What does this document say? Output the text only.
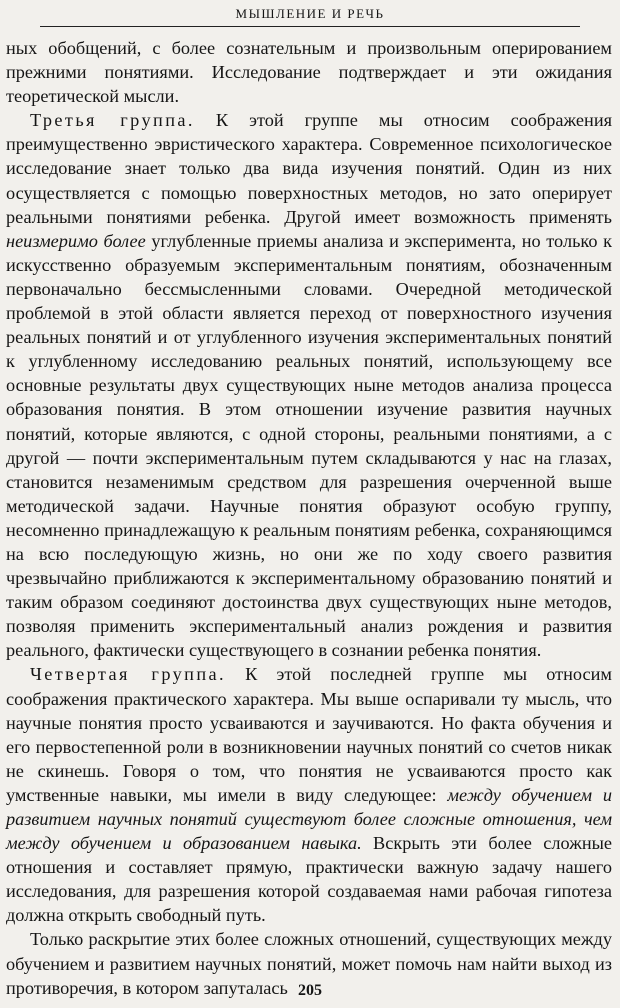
МЫШЛЕНИЕ И РЕЧЬ

ных обобщений, с более сознательным и произвольным оперированием прежними понятиями. Исследование подтверждает и эти ожидания теоретической мысли.

Третья группа. К этой группе мы относим соображения преимущественно эвристического характера. Современное психологическое исследование знает только два вида изучения понятий. Один из них осуществляется с помощью поверхностных методов, но зато оперирует реальными понятиями ребенка. Другой имеет возможность применять неизмеримо более углубленные приемы анализа и эксперимента, но только к искусственно образуемым экспериментальным понятиям, обозначенным первоначально бессмысленными словами. Очередной методической проблемой в этой области является переход от поверхностного изучения реальных понятий и от углубленного изучения экспериментальных понятий к углубленному исследованию реальных понятий, использующему все основные результаты двух существующих ныне методов анализа процесса образования понятия. В этом отношении изучение развития научных понятий, которые являются, с одной стороны, реальными понятиями, а с другой — почти экспериментальным путем складываются у нас на глазах, становится незаменимым средством для разрешения очерченной выше методической задачи. Научные понятия образуют особую группу, несомненно принадлежащую к реальным понятиям ребенка, сохраняющимся на всю последующую жизнь, но они же по ходу своего развития чрезвычайно приближаются к экспериментальному образованию понятий и таким образом соединяют достоинства двух существующих ныне методов, позволяя применить экспериментальный анализ рождения и развития реального, фактически существующего в сознании ребенка понятия.

Четвертая группа. К этой последней группе мы относим соображения практического характера. Мы выше оспаривали ту мысль, что научные понятия просто усваиваются и заучиваются. Но факта обучения и его первостепенной роли в возникновении научных понятий со счетов никак не скинешь. Говоря о том, что понятия не усваиваются просто как умственные навыки, мы имели в виду следующее: между обучением и развитием научных понятий существуют более сложные отношения, чем между обучением и образованием навыка. Вскрыть эти более сложные отношения и составляет прямую, практически важную задачу нашего исследования, для разрешения которой создаваемая нами рабочая гипотеза должна открыть свободный путь.

Только раскрытие этих более сложных отношений, существующих между обучением и развитием научных понятий, может помочь нам найти выход из противоречия, в котором запуталась 205
